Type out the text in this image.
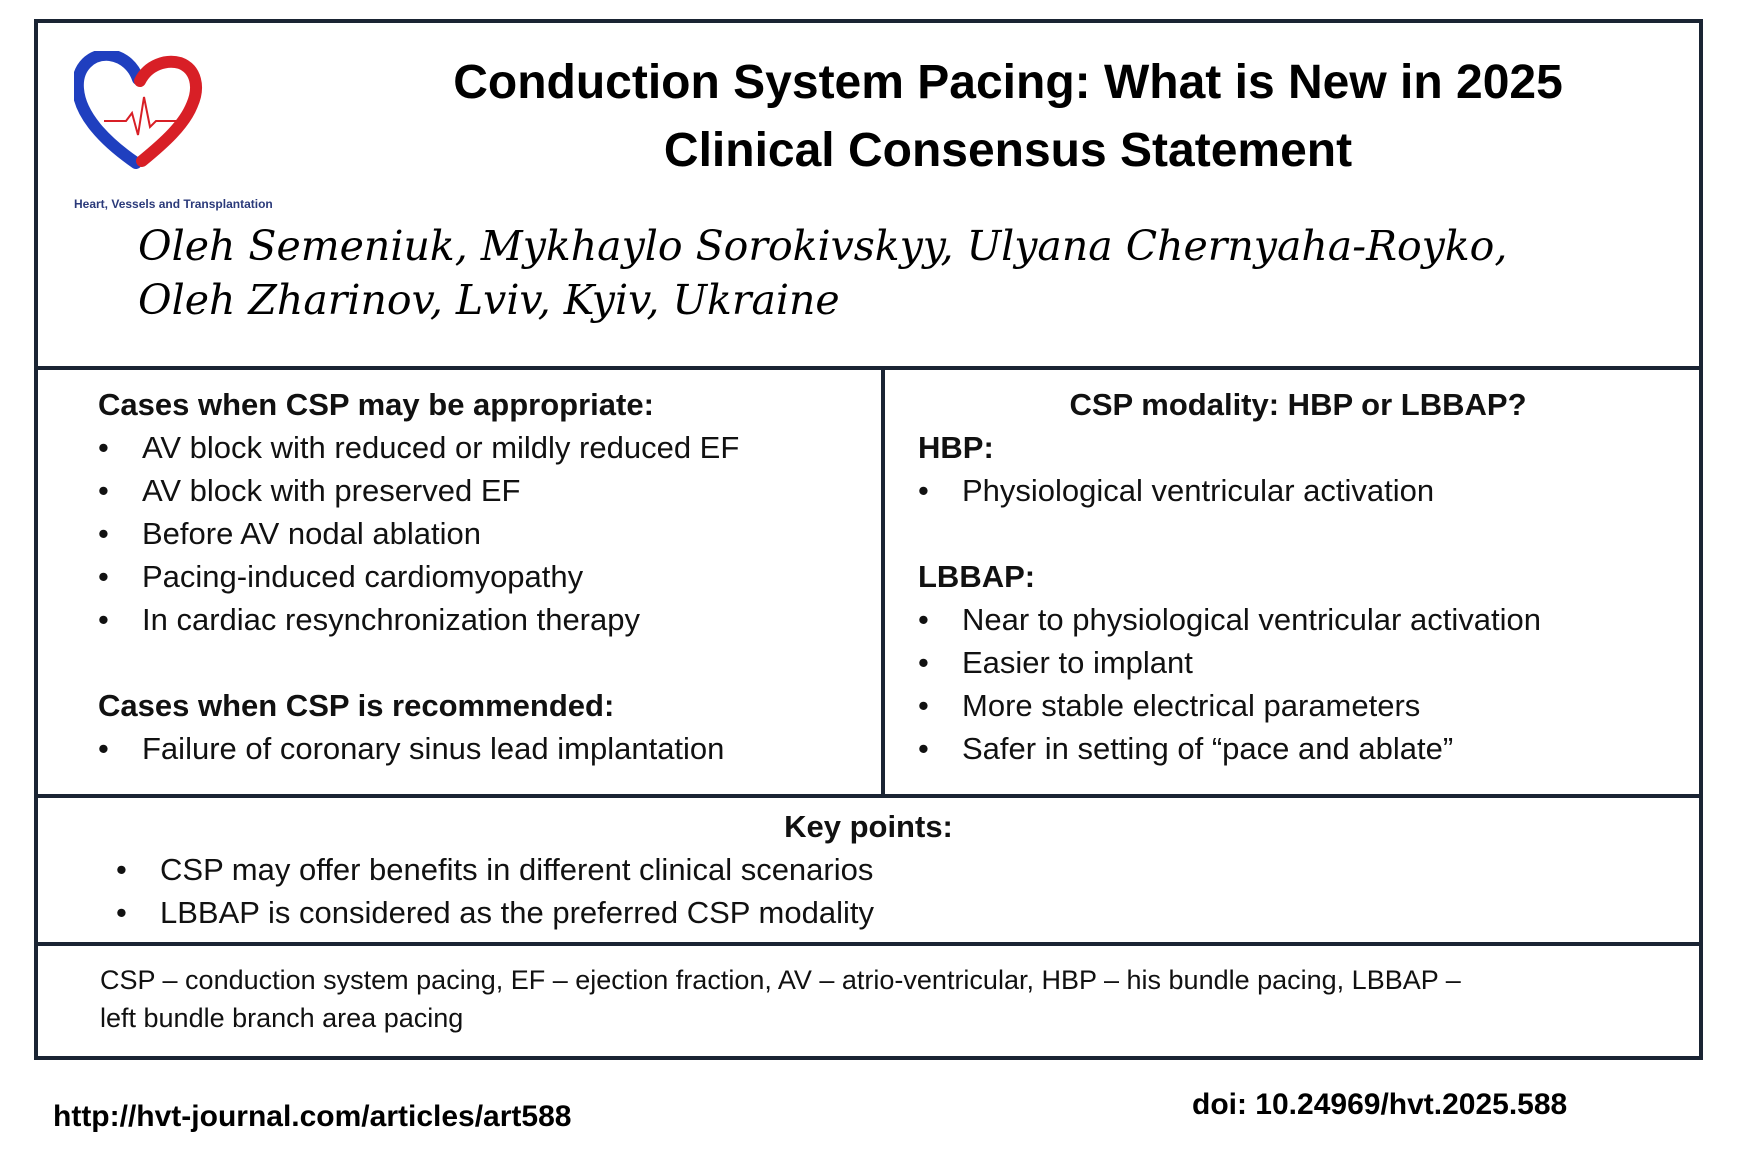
Heart, Vessels and Transplantation
Conduction System Pacing: What is New in 2025
Clinical Consensus Statement
Oleh Semeniuk, Mykhaylo Sorokivskyy, Ulyana Chernyaha-Royko,
Oleh Zharinov, Lviv, Kyiv, Ukraine

Cases when CSP may be appropriate:

• AV block with reduced or mildly reduced EF
• AV block with preserved EF
• Before AV nodal ablation
• Pacing-induced cardiomyopathy
• In cardiac resynchronization therapy

Cases when CSP is recommended:

• Failure of coronary sinus lead implantation

CSP modality: HBP or LBBAP?

HBP:

• Physiological ventricular activation

LBBAP:

• Near to physiological ventricular activation
• Easier to implant
• More stable electrical parameters
• Safer in setting of “pace and ablate”

Key points:

• CSP may offer benefits in different clinical scenarios
• LBBAP is considered as the preferred CSP modality
CSP – conduction system pacing, EF – ejection fraction, AV – atrio-ventricular, HBP – his bundle pacing, LBBAP –
left bundle branch area pacing
http://hvt-journal.com/articles/art588	doi: 10.24969/hvt.2025.588
